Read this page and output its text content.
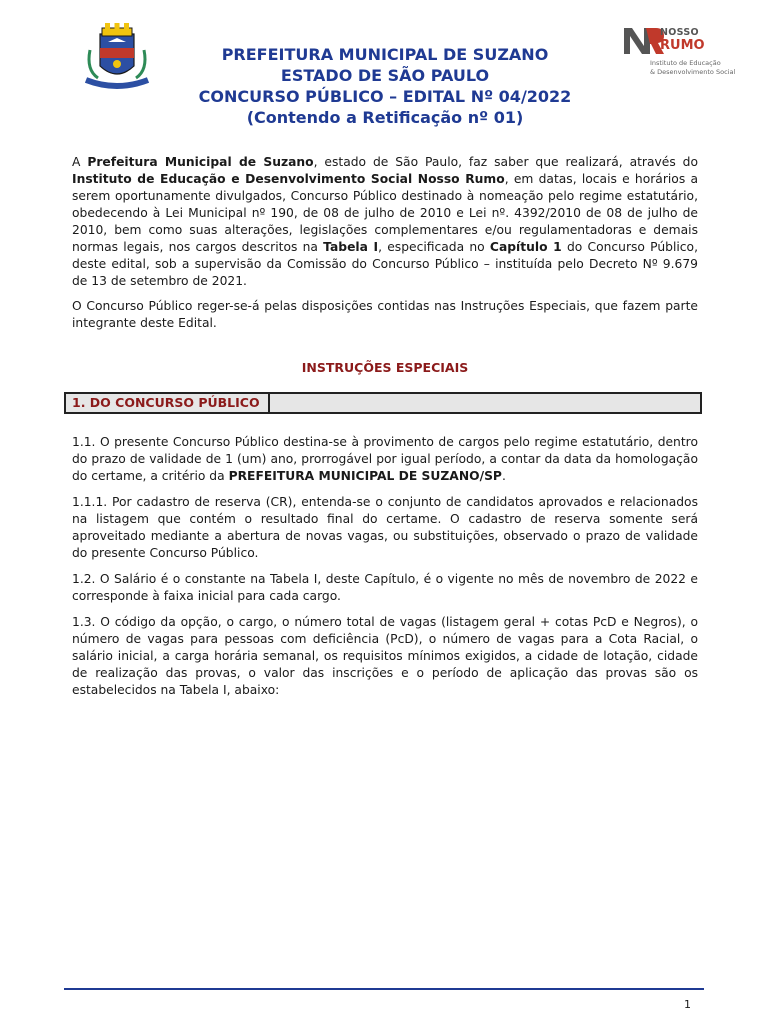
PREFEITURA MUNICIPAL DE SUZANO
ESTADO DE SÃO PAULO
CONCURSO PÚBLICO – EDITAL Nº 04/2022
(Contendo a Retificação nº 01)
NOSSO
RUMO
Instituto de Educação
& Desenvolvimento Social

A Prefeitura Municipal de Suzano, estado de São Paulo, faz saber que realizará, através do Instituto de Educação e Desenvolvimento Social Nosso Rumo, em datas, locais e horários a serem oportunamente divulgados, Concurso Público destinado à nomeação pelo regime estatutário, obedecendo à Lei Municipal nº 190, de 08 de julho de 2010 e Lei nº. 4392/2010 de 08 de julho de 2010, bem como suas alterações, legislações complementares e/ou regulamentadoras e demais normas legais, nos cargos descritos na Tabela I, especificada no Capítulo 1 do Concurso Público, deste edital, sob a supervisão da Comissão do Concurso Público – instituída pelo Decreto Nº 9.679 de 13 de setembro de 2021.

O Concurso Público reger-se-á pelas disposições contidas nas Instruções Especiais, que fazem parte integrante deste Edital.

INSTRUÇÕES ESPECIAIS
1. DO CONCURSO PÚBLICO

1.1. O presente Concurso Público destina-se à provimento de cargos pelo regime estatutário, dentro do prazo de validade de 1 (um) ano, prorrogável por igual período, a contar da data da homologação do certame, a critério da PREFEITURA MUNICIPAL DE SUZANO/SP.

1.1.1. Por cadastro de reserva (CR), entenda-se o conjunto de candidatos aprovados e relacionados na listagem que contém o resultado final do certame. O cadastro de reserva somente será aproveitado mediante a abertura de novas vagas, ou substituições, observado o prazo de validade do presente Concurso Público.

1.2. O Salário é o constante na Tabela I, deste Capítulo, é o vigente no mês de novembro de 2022 e corresponde à faixa inicial para cada cargo.

1.3. O código da opção, o cargo, o número total de vagas (listagem geral + cotas PcD e Negros), o número de vagas para pessoas com deficiência (PcD), o número de vagas para a Cota Racial, o salário inicial, a carga horária semanal, os requisitos mínimos exigidos, a cidade de lotação, cidade de realização das provas, o valor das inscrições e o período de aplicação das provas são os estabelecidos na Tabela I, abaixo:

1
